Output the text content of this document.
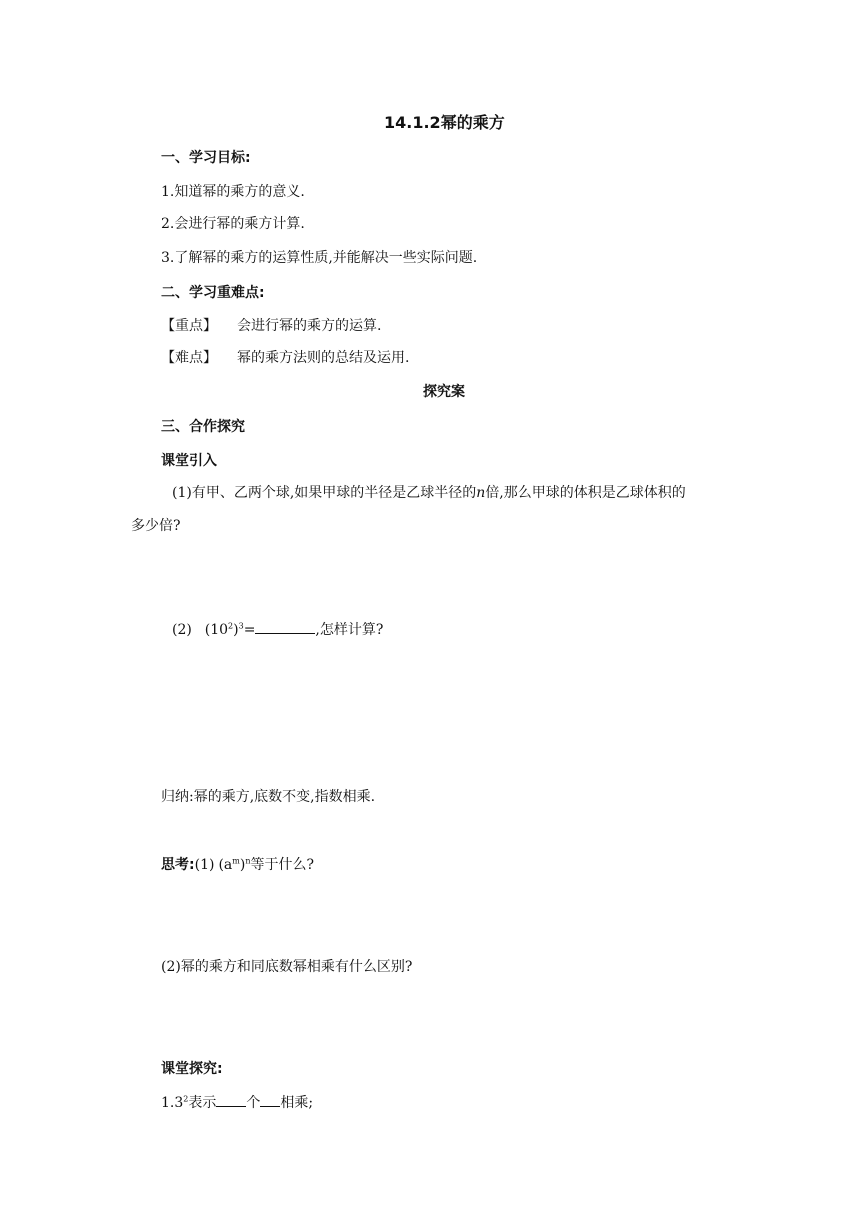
14.1.2幂的乘方
一、学习目标:
1.知道幂的乘方的意义.
2.会进行幂的乘方计算.
3.了解幂的乘方的运算性质,并能解决一些实际问题.
二、学习重难点:
【重点】 会进行幂的乘方的运算.
【难点】 幂的乘方法则的总结及运用.
探究案
三、合作探究
课堂引入
(1)有甲、乙两个球,如果甲球的半径是乙球半径的n倍,那么甲球的体积是乙球体积的
多少倍?
(2) $(10^2)^3=$	,怎样计算?
归纳:幂的乘方,底数不变,指数相乘.
思考:(1) $(a^m)^n$等于什么?
(2)幂的乘方和同底数幂相乘有什么区别?
课堂探究:
$1.3^2$表示 个 相乘;
